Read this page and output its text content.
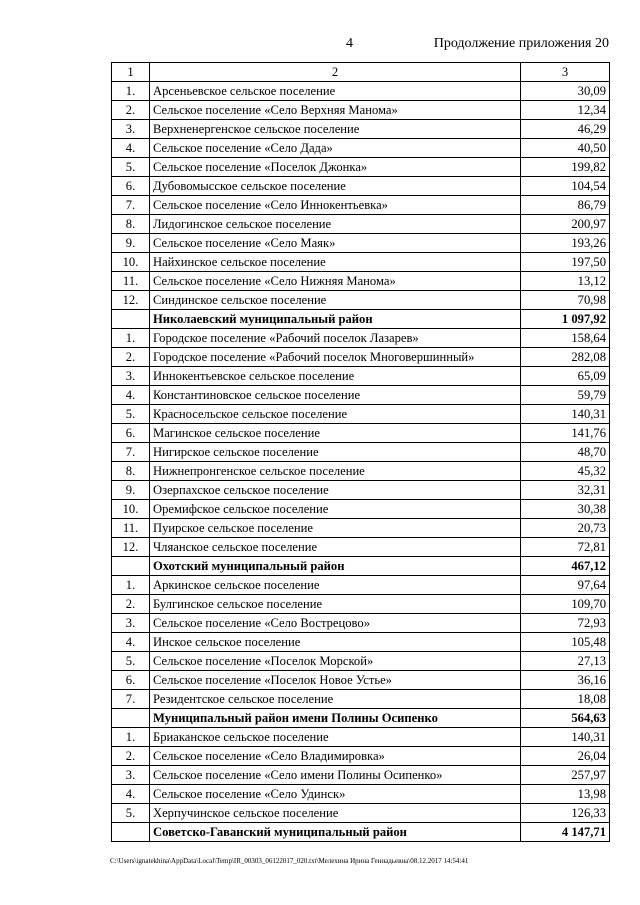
4	Продолжение приложения 20
1	2	3
1.	Арсеньевское сельское поселение	30,09
2.	Сельское поселение «Село Верхняя Манома»	12,34
3.	Верхненергенское сельское поселение	46,29
4.	Сельское поселение «Село Дада»	40,50
5.	Сельское поселение «Поселок Джонка»	199,82
6.	Дубовомысское сельское поселение	104,54
7.	Сельское поселение «Село Иннокентьевка»	86,79
8.	Лидогинское сельское поселение	200,97
9.	Сельское поселение «Село Маяк»	193,26
10.	Найхинское сельское поселение	197,50
11.	Сельское поселение «Село Нижняя Манома»	13,12
12.	Синдинское сельское поселение	70,98
	Николаевский муниципальный район	1 097,92
1.	Городское поселение «Рабочий поселок Лазарев»	158,64
2.	Городское поселение «Рабочий поселок Многовершинный»	282,08
3.	Иннокентьевское сельское поселение	65,09
4.	Константиновское сельское поселение	59,79
5.	Красносельское сельское поселение	140,31
6.	Магинское сельское поселение	141,76
7.	Нигирское сельское поселение	48,70
8.	Нижнепронгенское сельское поселение	45,32
9.	Озерпахское сельское поселение	32,31
10.	Оремифское сельское поселение	30,38
11.	Пуирское сельское поселение	20,73
12.	Чляанское сельское поселение	72,81
	Охотский муниципальный район	467,12
1.	Аркинское сельское поселение	97,64
2.	Булгинское сельское поселение	109,70
3.	Сельское поселение «Село Вострецово»	72,93
4.	Инское сельское поселение	105,48
5.	Сельское поселение «Поселок Морской»	27,13
6.	Сельское поселение «Поселок Новое Устье»	36,16
7.	Резидентское сельское поселение	18,08
	Муниципальный район имени Полины Осипенко	564,63
1.	Бриаканское сельское поселение	140,31
2.	Сельское поселение «Село Владимировка»	26,04
3.	Сельское поселение «Село имени Полины Осипенко»	257,97
4.	Сельское поселение «Село Удинск»	13,98
5.	Херпучинское сельское поселение	126,33
	Советско-Гаванский муниципальный район	4 147,71
C:\Users\ignatekhina\AppData\Local\Temp\IR_00303_06122017_020.txt\Мелехина Ирина Геннадьевна\08.12.2017 14:54:41
